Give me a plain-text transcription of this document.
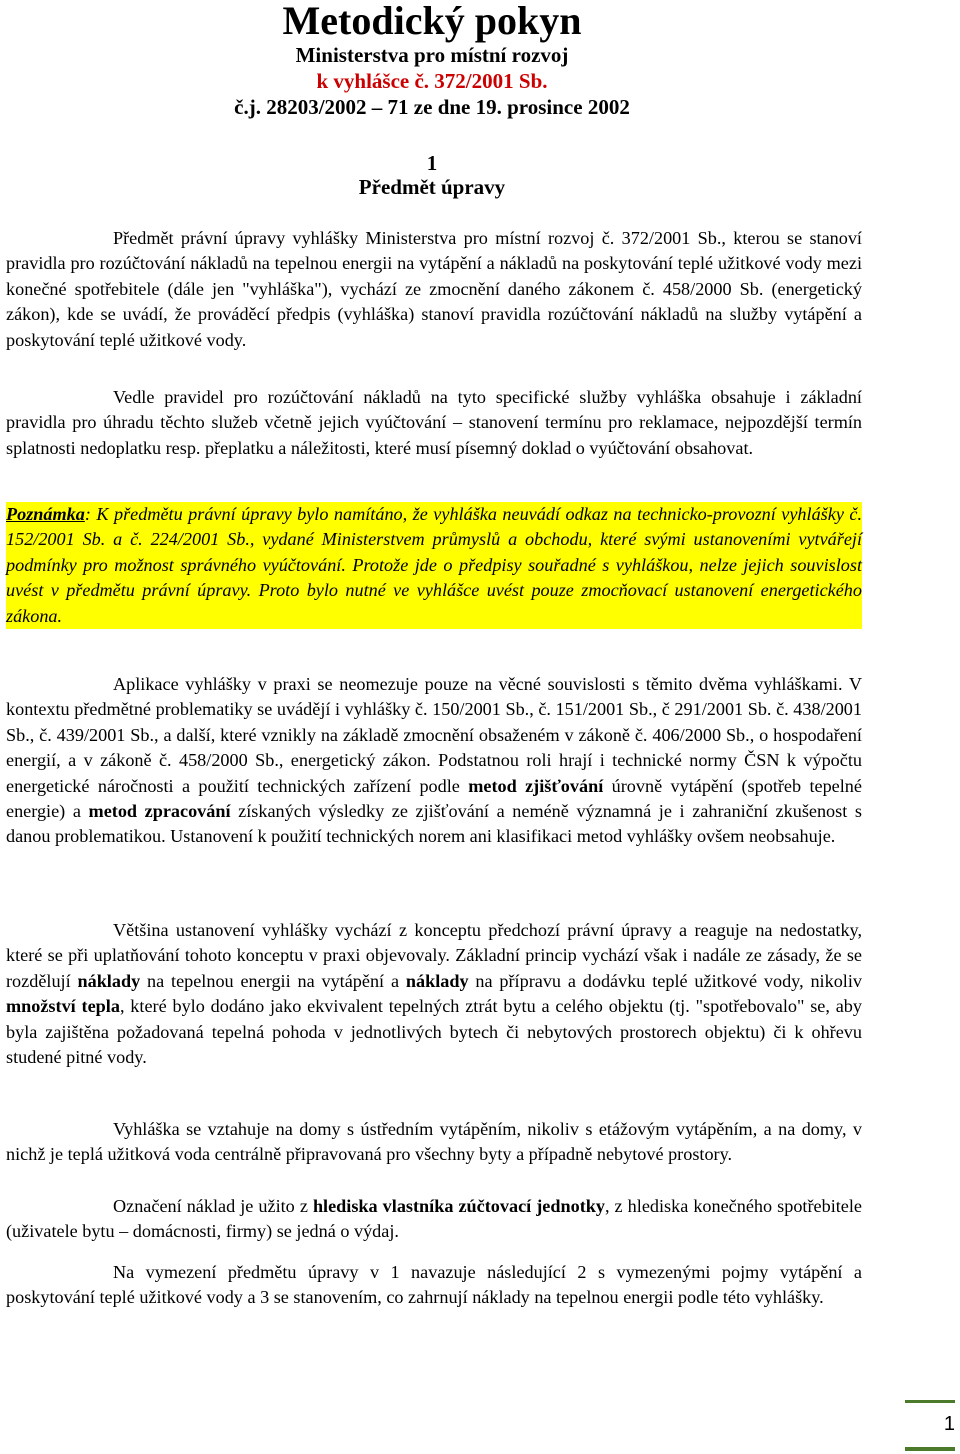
Metodický pokyn
Ministerstva pro místní rozvoj
k vyhlášce č. 372/2001 Sb.
č.j. 28203/2002 – 71 ze dne 19. prosince 2002
1
Předmět úpravy
Předmět právní úpravy vyhlášky Ministerstva pro místní rozvoj č. 372/2001 Sb., kterou se stanoví pravidla pro rozúčtování nákladů na tepelnou energii na vytápění a nákladů na poskytování teplé užitkové vody mezi konečné spotřebitele (dále jen "vyhláška"), vychází ze zmocnění daného zákonem č. 458/2000 Sb. (energetický zákon), kde se uvádí, že prováděcí předpis (vyhláška) stanoví pravidla rozúčtování nákladů na služby vytápění a poskytování teplé užitkové vody.
Vedle pravidel pro rozúčtování nákladů na tyto specifické služby vyhláška obsahuje i základní pravidla pro úhradu těchto služeb včetně jejich vyúčtování – stanovení termínu pro reklamace, nejpozdější termín splatnosti nedoplatku resp. přeplatku a náležitosti, které musí písemný doklad o vyúčtování obsahovat.
Poznámka: K předmětu právní úpravy bylo namítáno, že vyhláška neuvádí odkaz na technicko-provozní vyhlášky č. 152/2001 Sb. a č. 224/2001 Sb., vydané Ministerstvem průmyslů a obchodu, které svými ustanoveními vytvářejí podmínky pro možnost správného vyúčtování. Protože jde o předpisy souřadné s vyhláškou, nelze jejich souvislost uvést v předmětu právní úpravy. Proto bylo nutné ve vyhlášce uvést pouze zmocňovací ustanovení energetického zákona.
Aplikace vyhlášky v praxi se neomezuje pouze na věcné souvislosti s těmito dvěma vyhláškami. V kontextu předmětné problematiky se uvádějí i vyhlášky č. 150/2001 Sb., č. 151/2001 Sb., č 291/2001 Sb. č. 438/2001 Sb., č. 439/2001 Sb., a další, které vznikly na základě zmocnění obsaženém v zákoně č. 406/2000 Sb., o hospodaření energií, a v zákoně č. 458/2000 Sb., energetický zákon. Podstatnou roli hrají i technické normy ČSN k výpočtu energetické náročnosti a použití technických zařízení podle metod zjišťování úrovně vytápění (spotřeb tepelné energie) a metod zpracování získaných výsledky ze zjišťování a neméně významná je i zahraniční zkušenost s danou problematikou. Ustanovení k použití technických norem ani klasifikaci metod vyhlášky ovšem neobsahuje.
Většina ustanovení vyhlášky vychází z konceptu předchozí právní úpravy a reaguje na nedostatky, které se při uplatňování tohoto konceptu v praxi objevovaly. Základní princip vychází však i nadále ze zásady, že se rozdělují náklady na tepelnou energii na vytápění a náklady na přípravu a dodávku teplé užitkové vody, nikoliv množství tepla, které bylo dodáno jako ekvivalent tepelných ztrát bytu a celého objektu (tj. "spotřebovalo" se, aby byla zajištěna požadovaná tepelná pohoda v jednotlivých bytech či nebytových prostorech objektu) či k ohřevu studené pitné vody.
Vyhláška se vztahuje na domy s ústředním vytápěním, nikoliv s etážovým vytápěním, a na domy, v nichž je teplá užitková voda centrálně připravovaná pro všechny byty a případně nebytové prostory.
Označení náklad je užito z hlediska vlastníka zúčtovací jednotky, z hlediska konečného spotřebitele (uživatele bytu – domácnosti, firmy) se jedná o výdaj.
Na vymezení předmětu úpravy v 1 navazuje následující 2 s vymezenými pojmy vytápění a poskytování teplé užitkové vody a 3 se stanovením, co zahrnují náklady na tepelnou energii podle této vyhlášky.
1
